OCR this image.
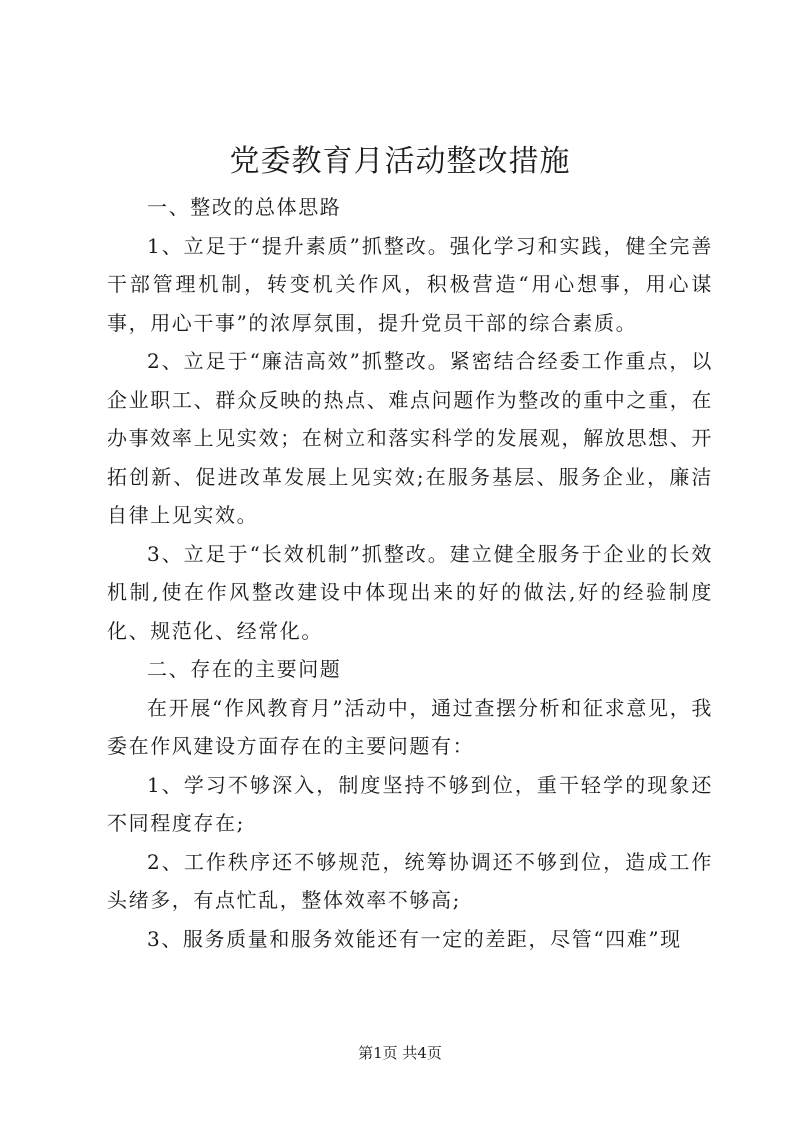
党委教育月活动整改措施

一、整改的总体思路

1、立足于“提升素质”抓整改。强化学习和实践，健全完善干部管理机制，转变机关作风，积极营造“用心想事，用心谋事，用心干事”的浓厚氛围，提升党员干部的综合素质。

2、立足于“廉洁高效”抓整改。紧密结合经委工作重点，以企业职工、群众反映的热点、难点问题作为整改的重中之重，在办事效率上见实效；在树立和落实科学的发展观，解放思想、开拓创新、促进改革发展上见实效;在服务基层、服务企业，廉洁自律上见实效。

3、立足于“长效机制”抓整改。建立健全服务于企业的长效机制,使在作风整改建设中体现出来的好的做法,好的经验制度化、规范化、经常化。

二、存在的主要问题

在开展“作风教育月”活动中，通过查摆分析和征求意见，我委在作风建设方面存在的主要问题有：

1、学习不够深入，制度坚持不够到位，重干轻学的现象还不同程度存在;

2、工作秩序还不够规范，统筹协调还不够到位，造成工作头绪多，有点忙乱，整体效率不够高;

3、服务质量和服务效能还有一定的差距，尽管“四难”现

第1页 共4页
